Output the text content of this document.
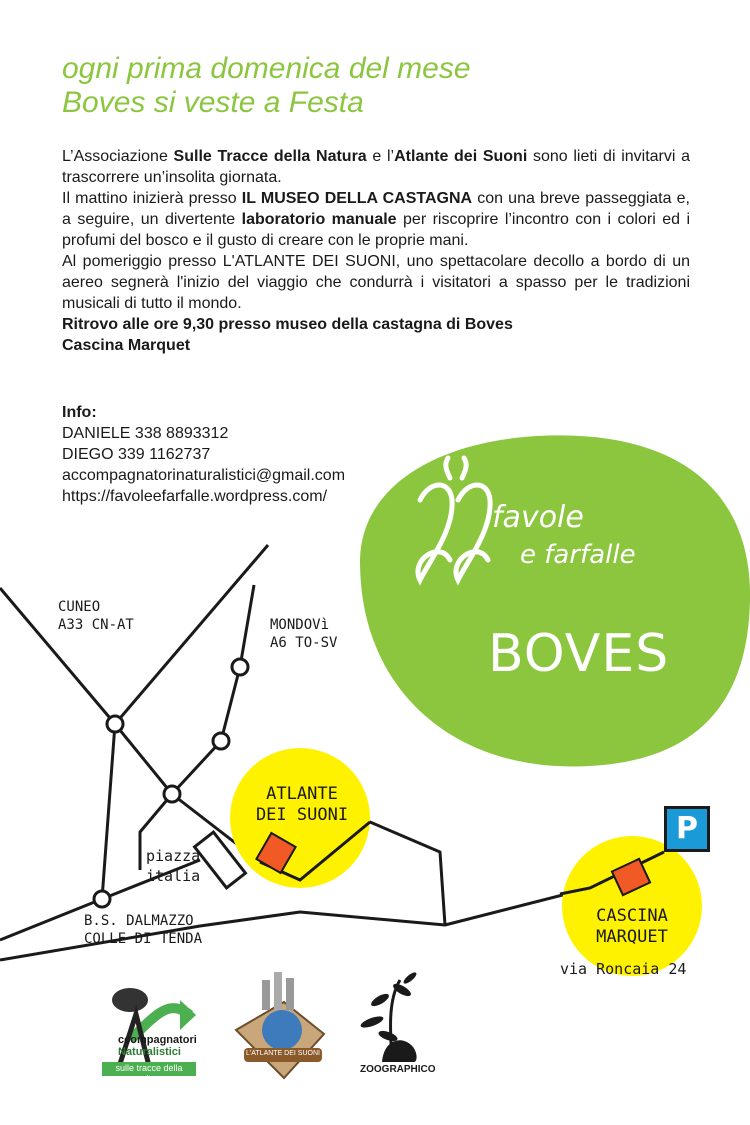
ogni prima domenica del mese
Boves si veste a Festa

L’Associazione Sulle Tracce della Natura e l’Atlante dei Suoni sono lieti di invitarvi a trascorrere un’insolita giornata.

Il mattino inizierà presso IL MUSEO DELLA CASTAGNA con una breve passeggiata e, a seguire, un divertente laboratorio manuale per riscoprire l’incontro con i colori ed i profumi del bosco e il gusto di creare con le proprie mani.

Al pomeriggio presso L'ATLANTE DEI SUONI, uno spettacolare decollo a bordo di un aereo segnerà l'inizio del viaggio che condurrà i visitatori a spasso per le tradizioni musicali di tutto il mondo.

Ritrovo alle ore 9,30 presso museo della castagna di Boves

Cascina Marquet

Info:
DANIELE 338 8893312
DIEGO 339 1162737
accompagnatorinaturalistici@gmail.com
https://favoleefarfalle.wordpress.com/
favole
e farfalle
BOVES
CUNEO
A33 CN-AT	MONDOVì
A6 TO-SV
piazza
italia
B.S. DALMAZZO
COLLE DI TENDA
ATLANTE
DEI SUONI
CASCINA
MARQUET
via Roncaia 24
P
ccompagnatori
Naturalistici
sulle tracce della natura
L'ATLANTE DEI SUONI
ZOOGRAPHICO
